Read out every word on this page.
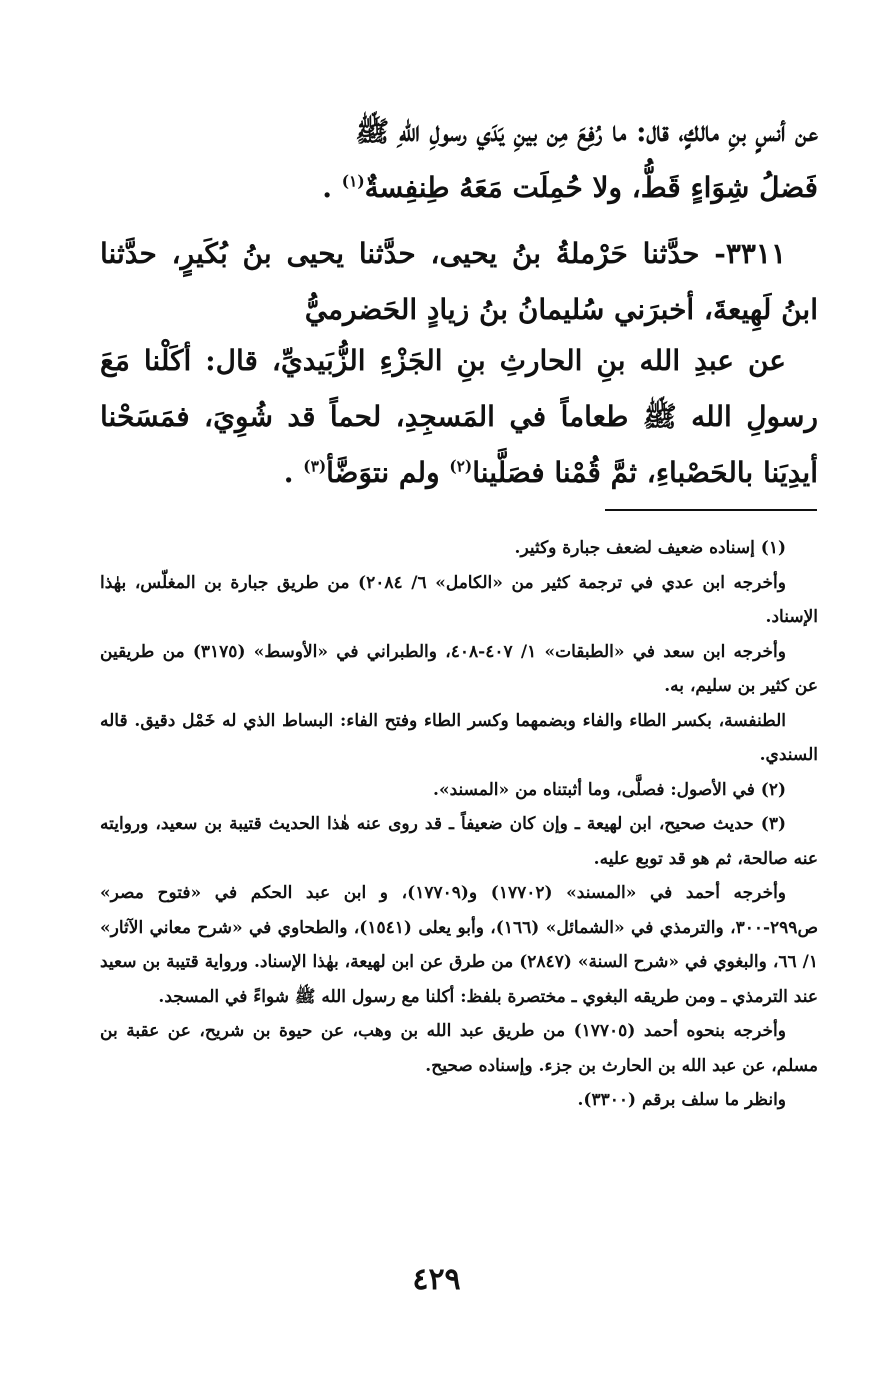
عن أنسٍ بنِ مالكٍ، قال: ما رُفِعَ مِن بينِ يَدَي رسولِ اللهِ ﷺ

فَضلُ شِوَاءٍ قَطُّ، ولا حُمِلَت مَعَهُ طِنفِسةٌ$^{(١)}$ .

٣٣١١- حدَّثنا حَرْملةُ بنُ يحيى، حدَّثنا يحيى بنُ بُكَيرٍ، حدَّثنا ابنُ لَهِيعةَ، أخبرَني سُليمانُ بنُ زيادٍ الحَضرميُّ

عن عبدِ الله بنِ الحارثِ بنِ الجَزْءِ الزُّبَيديِّ، قال: أكَلْنا مَعَ رسولِ الله ﷺ طعاماً في المَسجِدِ، لحماً قد شُوِيَ، فمَسَحْنا أيدِيَنا بالحَصْباءِ، ثمَّ قُمْنا فصَلَّينا$^{(٢)}$ ولم نتوَضَّأ$^{(٣)}$ .

(١) إسناده ضعيف لضعف جبارة وكثير.

وأخرجه ابن عدي في ترجمة كثير من «الكامل» ٦/ ٢٠٨٤) من طريق جبارة بن المغلّس، بهٰذا الإسناد.

وأخرجه ابن سعد في «الطبقات» ١/ ٤٠٧-٤٠٨، والطبراني في «الأوسط» (٣١٧٥) من طريقين عن كثير بن سليم، به.

الطنفسة، بكسر الطاء والفاء وبضمهما وكسر الطاء وفتح الفاء: البساط الذي له خَمْل دقيق. قاله السندي.

(٢) في الأصول: فصلَّى، وما أثبتناه من «المسند».

(٣) حديث صحيح، ابن لهيعة ـ وإن كان ضعيفاً ـ قد روى عنه هٰذا الحديث قتيبة بن سعيد، وروايته عنه صالحة، ثم هو قد توبع عليه.

وأخرجه أحمد في «المسند» (١٧٧٠٢) و(١٧٧٠٩)، و ابن عبد الحكم في «فتوح مصر» ص٢٩٩-٣٠٠، والترمذي في «الشمائل» (١٦٦)، وأبو يعلى (١٥٤١)، والطحاوي في «شرح معاني الآثار» ١/ ٦٦، والبغوي في «شرح السنة» (٢٨٤٧) من طرق عن ابن لهيعة، بهٰذا الإسناد. ورواية قتيبة بن سعيد عند الترمذي ـ ومن طريقه البغوي ـ مختصرة بلفظ: أكلنا مع رسول الله ﷺ شواءً في المسجد.

وأخرجه بنحوه أحمد (١٧٧٠٥) من طريق عبد الله بن وهب، عن حيوة بن شريح، عن عقبة بن مسلم، عن عبد الله بن الحارث بن جزء. وإسناده صحيح.

وانظر ما سلف برقم (٣٣٠٠).

٤٢٩
